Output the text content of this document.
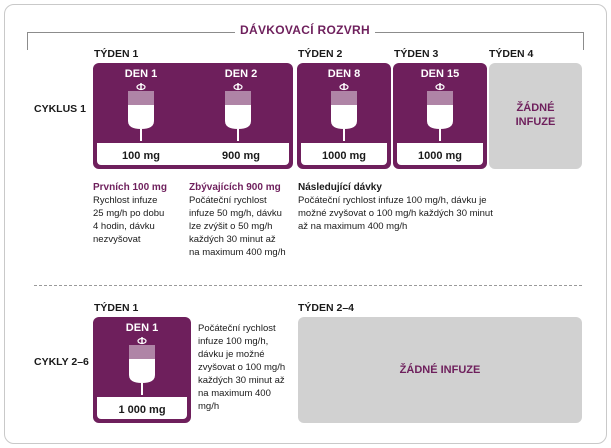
DÁVKOVACÍ ROZVRH
TÝDEN 1	TÝDEN 2	TÝDEN 3	TÝDEN 4
CYKLUS 1
DEN 1	DEN 2
100 mg	900 mg
DEN 8
1000 mg
DEN 15
1000 mg
ŽÁDNÉ
INFUZE
Prvních 100 mg
Rychlost infuze
25 mg/h po dobu
4 hodin, dávku
nezvyšovat
Zbývajících 900 mg
Počáteční rychlost
infuze 50 mg/h, dávku
lze zvýšit o 50 mg/h
každých 30 minut až
na maximum 400 mg/h
Následující dávky
Počáteční rychlost infuze 100 mg/h, dávku je
možné zvyšovat o 100 mg/h každých 30 minut
až na maximum 400 mg/h
TÝDEN 1	TÝDEN 2–4
CYKLY 2–6
DEN 1
1 000 mg
Počáteční rychlost
infuze 100 mg/h,
dávku je možné
zvyšovat o 100 mg/h
každých 30 minut až
na maximum 400 mg/h
ŽÁDNÉ INFUZE
